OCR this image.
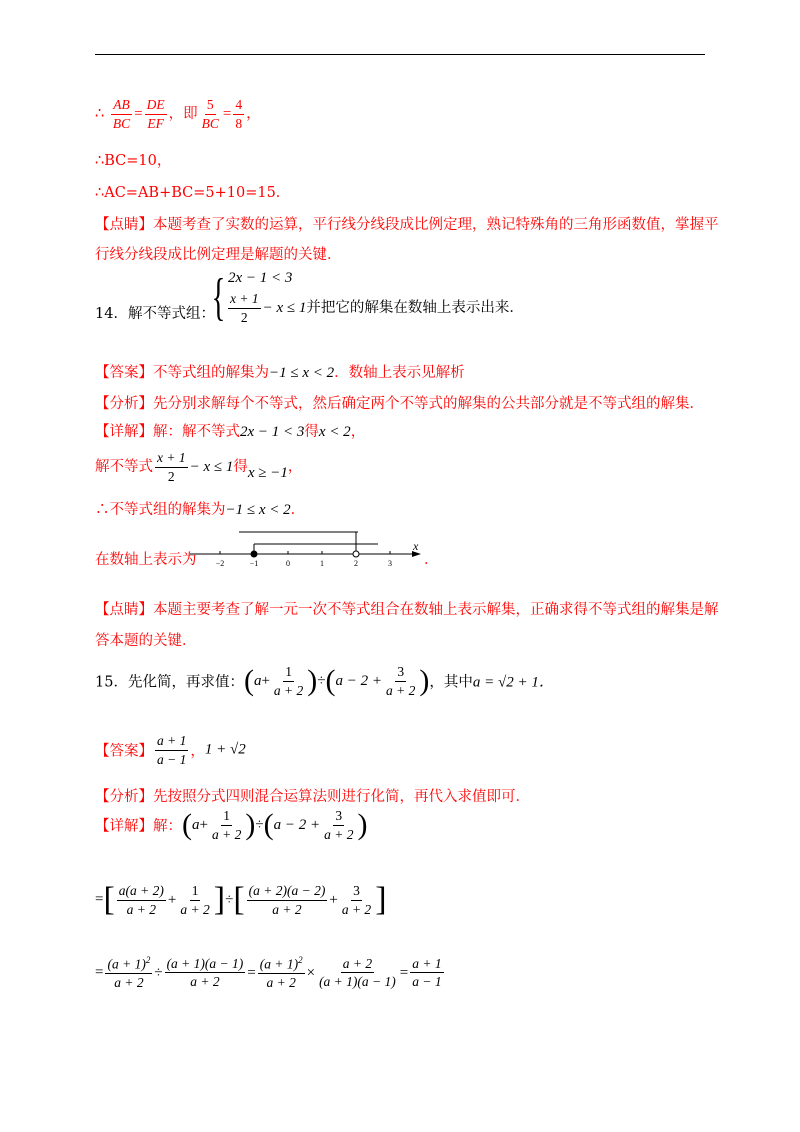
∴ $\frac{AB}{BC} = \frac{DE}{EF}$ ，即 $\frac{5}{BC} = \frac{4}{8}$ ，
∴BC=10，
∴AC=AB+BC=5+10=15．
【点睛】本题考查了实数的运算，平行线分线段成比例定理，熟记特殊角的三角形函数值，掌握平
行线分线段成比例定理是解题的关键．
14．解不等式组：
{ 2x − 1 < 3
$\frac{x + 1}{2} - x \le 1$并把它的解集在数轴上表示出来．
【答案】不等式组的解集为−1 ≤ x < 2．数轴上表示见解析
【分析】先分别求解每个不等式，然后确定两个不等式的解集的公共部分就是不等式组的解集．
【详解】解：解不等式2x − 1 < 3得x < 2，
解不等式 $\frac{x + 1}{2} - x \le 1$得x ≥ −1，
∴不等式组的解集为−1 ≤ x < 2．
在数轴上表示为	．
−2	−1	0	1	2	3
x
【点睛】本题主要考查了解一元一次不等式组合在数轴上表示解集，正确求得不等式组的解集是解
答本题的关键．
15．先化简，再求值：$(a+ \frac{1}{a + 2} )\div(a - 2 + \frac{3}{a + 2}$ )，其中a = √2 + 1．
【答案】 $\frac{a + 1}{a - 1}$ ，1 + √2
【分析】先按照分式四则混合运算法则进行化简，再代入求值即可．
【详解】解：$(a+ \frac{1}{a + 2} )\div(a - 2 + \frac{3}{a + 2}$ )
=[ $\frac{a(a + 2)}{a + 2} + \frac{1}{a + 2}$ ]÷[ $\frac{(a + 2)(a - 2)}{a + 2} + \frac{3}{a + 2}$ ]
= $\frac{(a + 1)^2}{a + 2} \div \frac{(a + 1)(a - 1)}{a + 2} = \frac{(a + 1)^2}{a + 2} \times \frac{a + 2}{(a + 1)(a - 1)} = \frac{a + 1}{a - 1}$
